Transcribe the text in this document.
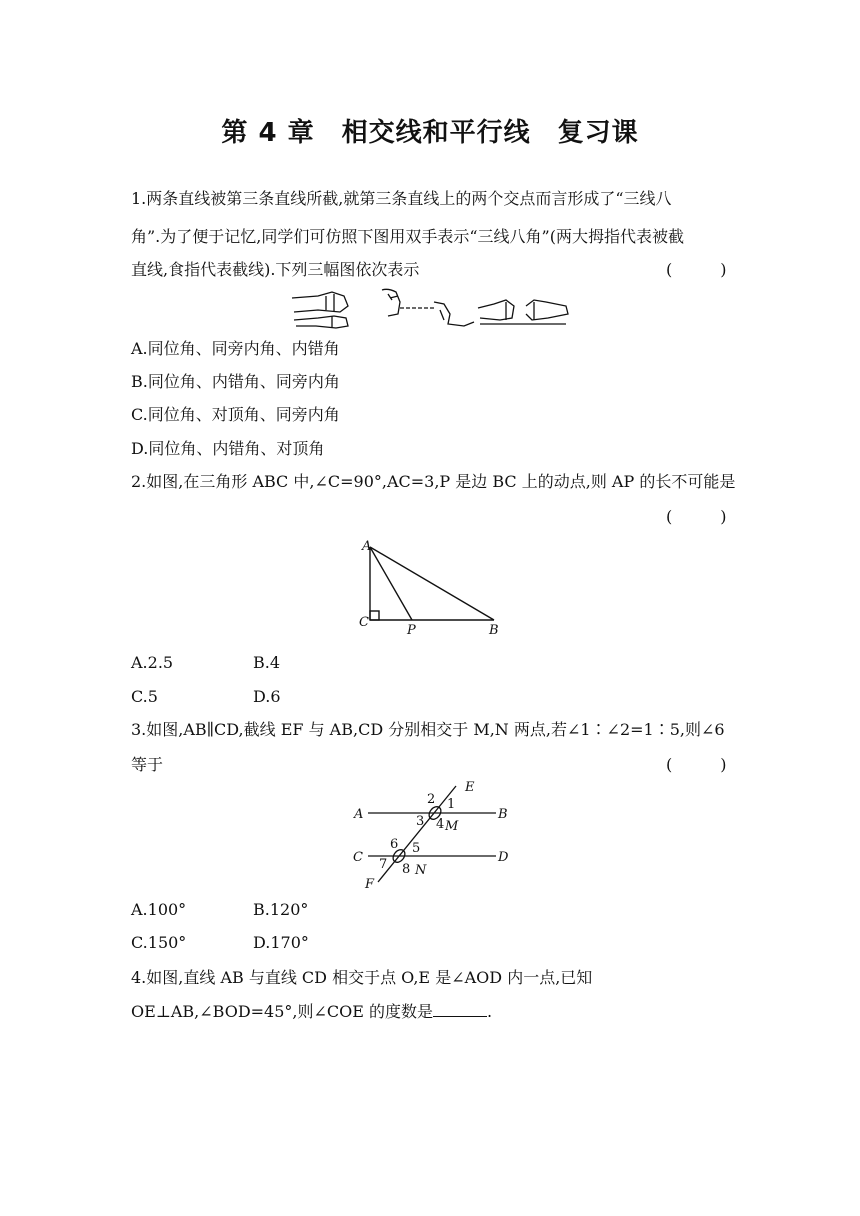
第 4 章　相交线和平行线　复习课
1.两条直线被第三条直线所截,就第三条直线上的两个交点而言形成了“三线八
角”.为了便于记忆,同学们可仿照下图用双手表示“三线八角”(两大拇指代表被截
直线,食指代表截线).下列三幅图依次表示	(	)
A.同位角、同旁内角、内错角
B.同位角、内错角、同旁内角
C.同位角、对顶角、同旁内角
D.同位角、内错角、对顶角
2.如图,在三角形 ABC 中,∠C=90°,AC=3,P 是边 BC 上的动点,则 AP 的长不可能是
(	)
A
C
P	B
A.2.5	B.4
C.5	D.6
3.如图,AB∥CD,截线 EF 与 AB,CD 分别相交于 M,N 两点,若∠1∶∠2=1∶5,则∠6
等于	(	)
A	B
C	D
E
F
M
N
1
2
3 4
5
6
7 8
A.100°	B.120°
C.150°	D.170°
4.如图,直线 AB 与直线 CD 相交于点 O,E 是∠AOD 内一点,已知
OE⊥AB,∠BOD=45°,则∠COE 的度数是	.
